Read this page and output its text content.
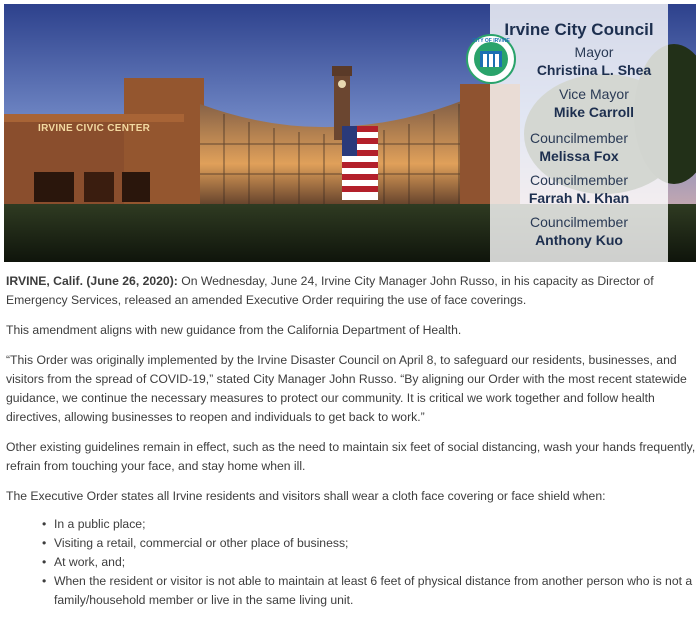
IRVINE CIVIC CENTER
CITY OF IRVINE
Irvine City Council
Mayor
Christina L. Shea
Vice Mayor
Mike Carroll
Councilmember
Melissa Fox
Councilmember
Farrah N. Khan
Councilmember
Anthony Kuo

IRVINE, Calif. (June 26, 2020): On Wednesday, June 24, Irvine City Manager John Russo, in his capacity as Director of Emergency Services, released an amended Executive Order requiring the use of face coverings.

This amendment aligns with new guidance from the California Department of Health.

“This Order was originally implemented by the Irvine Disaster Council on April 8, to safeguard our residents, businesses, and visitors from the spread of COVID-19,” stated City Manager John Russo. “By aligning our Order with the most recent statewide guidance, we continue the necessary measures to protect our community. It is critical we work together and follow health directives, allowing businesses to reopen and individuals to get back to work.”

Other existing guidelines remain in effect, such as the need to maintain six feet of social distancing, wash your hands frequently, refrain from touching your face, and stay home when ill.

The Executive Order states all Irvine residents and visitors shall wear a cloth face covering or face shield when:

• In a public place;
• Visiting a retail, commercial or other place of business;
• At work, and;
• When the resident or visitor is not able to maintain at least 6 feet of physical distance from another person who is not a family/household member or live in the same living unit.
